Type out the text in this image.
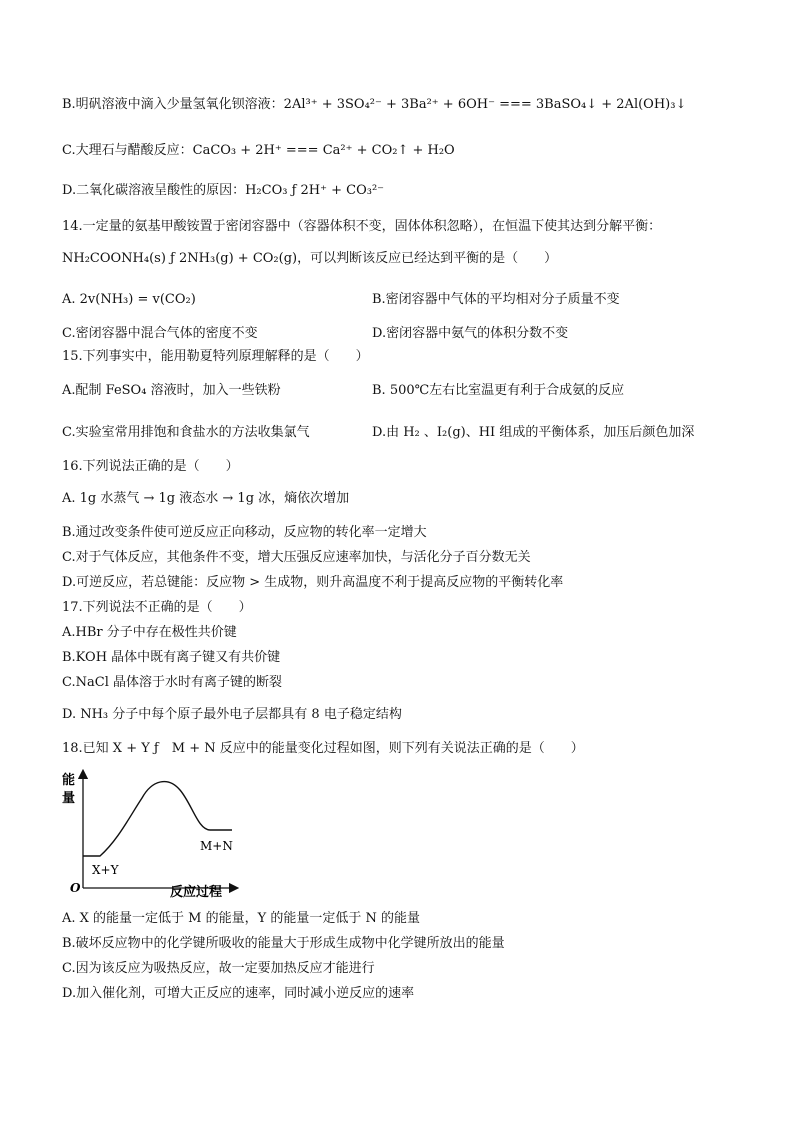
B.明矾溶液中滴入少量氢氧化钡溶液：2Al³⁺ + 3SO₄²⁻ + 3Ba²⁺ + 6OH⁻ === 3BaSO₄↓ + 2Al(OH)₃↓
C.大理石与醋酸反应：CaCO₃ + 2H⁺ === Ca²⁺ + CO₂↑ + H₂O
D.二氧化碳溶液呈酸性的原因：H₂CO₃ ƒ 2H⁺ + CO₃²⁻
14.一定量的氨基甲酸铵置于密闭容器中（容器体积不变，固体体积忽略），在恒温下使其达到分解平衡：
NH₂COONH₄(s) ƒ 2NH₃(g) + CO₂(g)，可以判断该反应已经达到平衡的是（　　）
A. 2v(NH₃) = v(CO₂)	B.密闭容器中气体的平均相对分子质量不变
C.密闭容器中混合气体的密度不变	D.密闭容器中氨气的体积分数不变
15.下列事实中，能用勒夏特列原理解释的是（　　）
A.配制 FeSO₄ 溶液时，加入一些铁粉	B. 500℃左右比室温更有利于合成氨的反应
C.实验室常用排饱和食盐水的方法收集氯气	D.由 H₂ 、I₂(g)、HI 组成的平衡体系，加压后颜色加深
16.下列说法正确的是（　　）
A. 1g 水蒸气 → 1g 液态水 → 1g 冰，熵依次增加
B.通过改变条件使可逆反应正向移动，反应物的转化率一定增大
C.对于气体反应，其他条件不变，增大压强反应速率加快，与活化分子百分数无关
D.可逆反应，若总键能：反应物 > 生成物，则升高温度不利于提高反应物的平衡转化率
17.下列说法不正确的是（　　）
A.HBr 分子中存在极性共价键
B.KOH 晶体中既有离子键又有共价键
C.NaCl 晶体溶于水时有离子键的断裂
D. NH₃ 分子中每个原子最外电子层都具有 8 电子稳定结构
18.已知 X + Y ƒ　M + N 反应中的能量变化过程如图，则下列有关说法正确的是（　　）
能
量
O	反应过程
X+Y
M+N
A. X 的能量一定低于 M 的能量，Y 的能量一定低于 N 的能量
B.破坏反应物中的化学键所吸收的能量大于形成生成物中化学键所放出的能量
C.因为该反应为吸热反应，故一定要加热反应才能进行
D.加入催化剂，可增大正反应的速率，同时减小逆反应的速率
